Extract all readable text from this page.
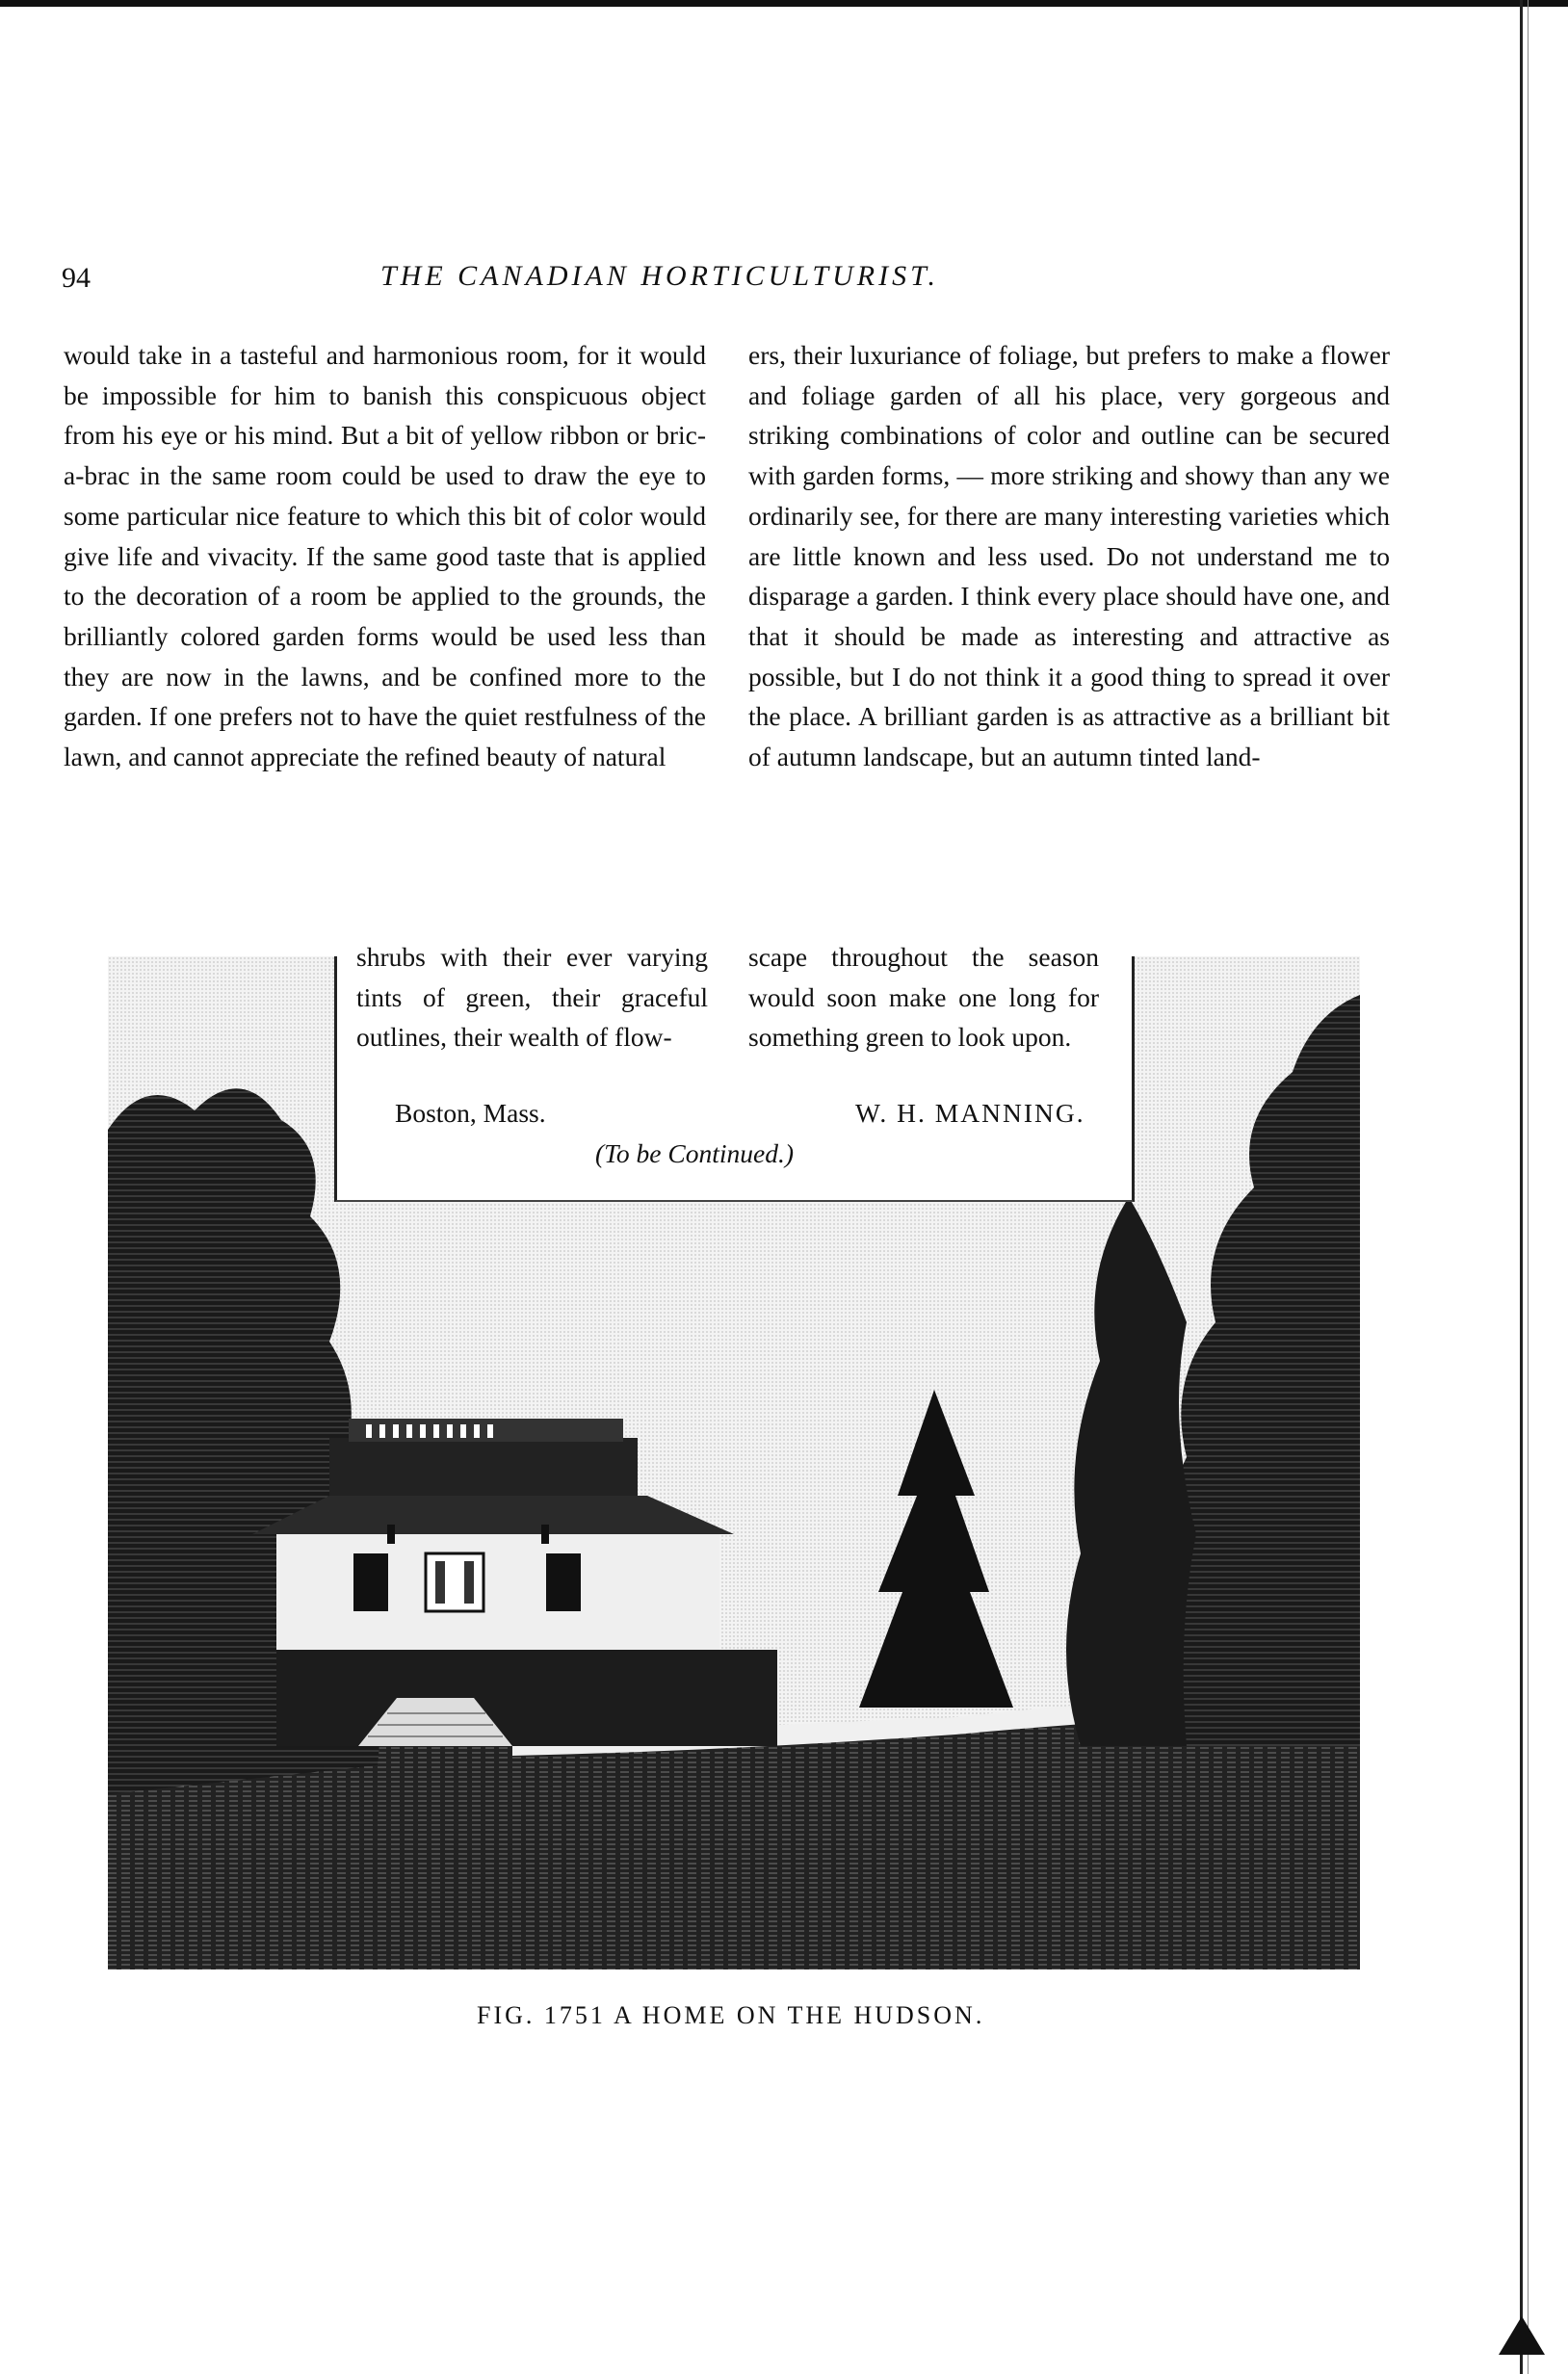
94	THE CANADIAN HORTICULTURIST.

would take in a tasteful and harmonious room, for it would be impossible for him to banish this conspicuous object from his eye or his mind. But a bit of yellow ribbon or bric-a-brac in the same room could be used to draw the eye to some particular nice feature to which this bit of color would give life and vivacity. If the same good taste that is applied to the decoration of a room be applied to the grounds, the brilliantly colored garden forms would be used less than they are now in the lawns, and be confined more to the garden. If one prefers not to have the quiet restfulness of the lawn, and cannot appreciate the refined beauty of natural

ers, their luxuriance of foliage, but prefers to make a flower and foliage garden of all his place, very gorgeous and striking combinations of color and outline can be secured with garden forms, — more striking and showy than any we ordinarily see, for there are many interesting varieties which are little known and less used. Do not understand me to disparage a garden. I think every place should have one, and that it should be made as interesting and attractive as possible, but I do not think it a good thing to spread it over the place. A brilliant garden is as attractive as a brilliant bit of autumn landscape, but an autumn tinted land-

shrubs with their ever varying tints of green, their graceful outlines, their wealth of flow-

scape throughout the season would soon make one long for something green to look upon.

Boston, Mass.	W. H. MANNING.
(To be Continued.)
FIG. 1751 A HOME ON THE HUDSON.
